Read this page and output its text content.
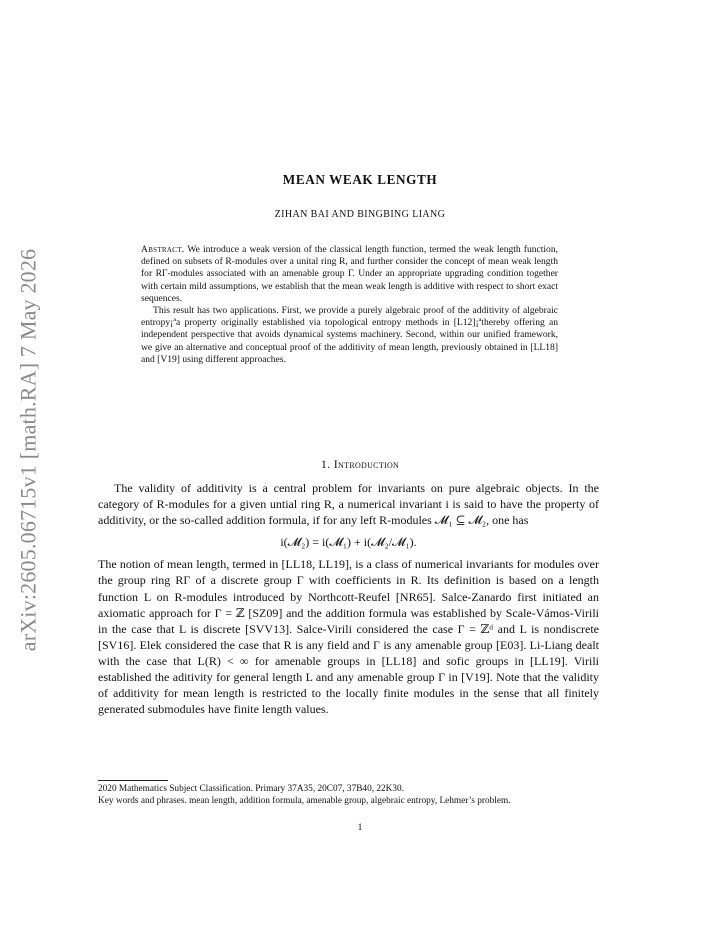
arXiv:2605.06715v1 [math.RA] 7 May 2026
MEAN WEAK LENGTH
ZIHAN BAI AND BINGBING LIANG

Abstract. We introduce a weak version of the classical length function, termed the weak length function, defined on subsets of R-modules over a unital ring R, and further consider the concept of mean weak length for RΓ-modules associated with an amenable group Γ. Under an appropriate upgrading condition together with certain mild assumptions, we establish that the mean weak length is additive with respect to short exact sequences.

This result has two applications. First, we provide a purely algebraic proof of the additivity of algebraic entropy¡ªa property originally established via topological entropy methods in [L12]¡ªthereby offering an independent perspective that avoids dynamical systems machinery. Second, within our unified framework, we give an alternative and conceptual proof of the additivity of mean length, previously obtained in [LL18] and [V19] using different approaches.

1. Introduction

The validity of additivity is a central problem for invariants on pure algebraic objects. In the category of R-modules for a given untial ring R, a numerical invariant i is said to have the property of additivity, or the so-called addition formula, if for any left R-modules 𝓜₁ ⊆ 𝓜₂, one has

i(𝓜₂) = i(𝓜₁) + i(𝓜₂/𝓜₁).

The notion of mean length, termed in [LL18, LL19], is a class of numerical invariants for modules over the group ring RΓ of a discrete group Γ with coefficients in R. Its definition is based on a length function L on R-modules introduced by Northcott-Reufel [NR65]. Salce-Zanardo first initiated an axiomatic approach for Γ = ℤ [SZ09] and the addition formula was established by Scale-Vámos-Virili in the case that L is discrete [SVV13]. Salce-Virili considered the case Γ = ℤᵈ and L is nondiscrete [SV16]. Elek considered the case that R is any field and Γ is any amenable group [E03]. Li-Liang dealt with the case that L(R) < ∞ for amenable groups in [LL18] and sofic groups in [LL19]. Virili established the aditivity for general length L and any amenable group Γ in [V19]. Note that the validity of additivity for mean length is restricted to the locally finite modules in the sense that all finitely generated submodules have finite length values.

2020 Mathematics Subject Classification. Primary 37A35, 20C07, 37B40, 22K30.

Key words and phrases. mean length, addition formula, amenable group, algebraic entropy, Lehmer’s problem.

1
